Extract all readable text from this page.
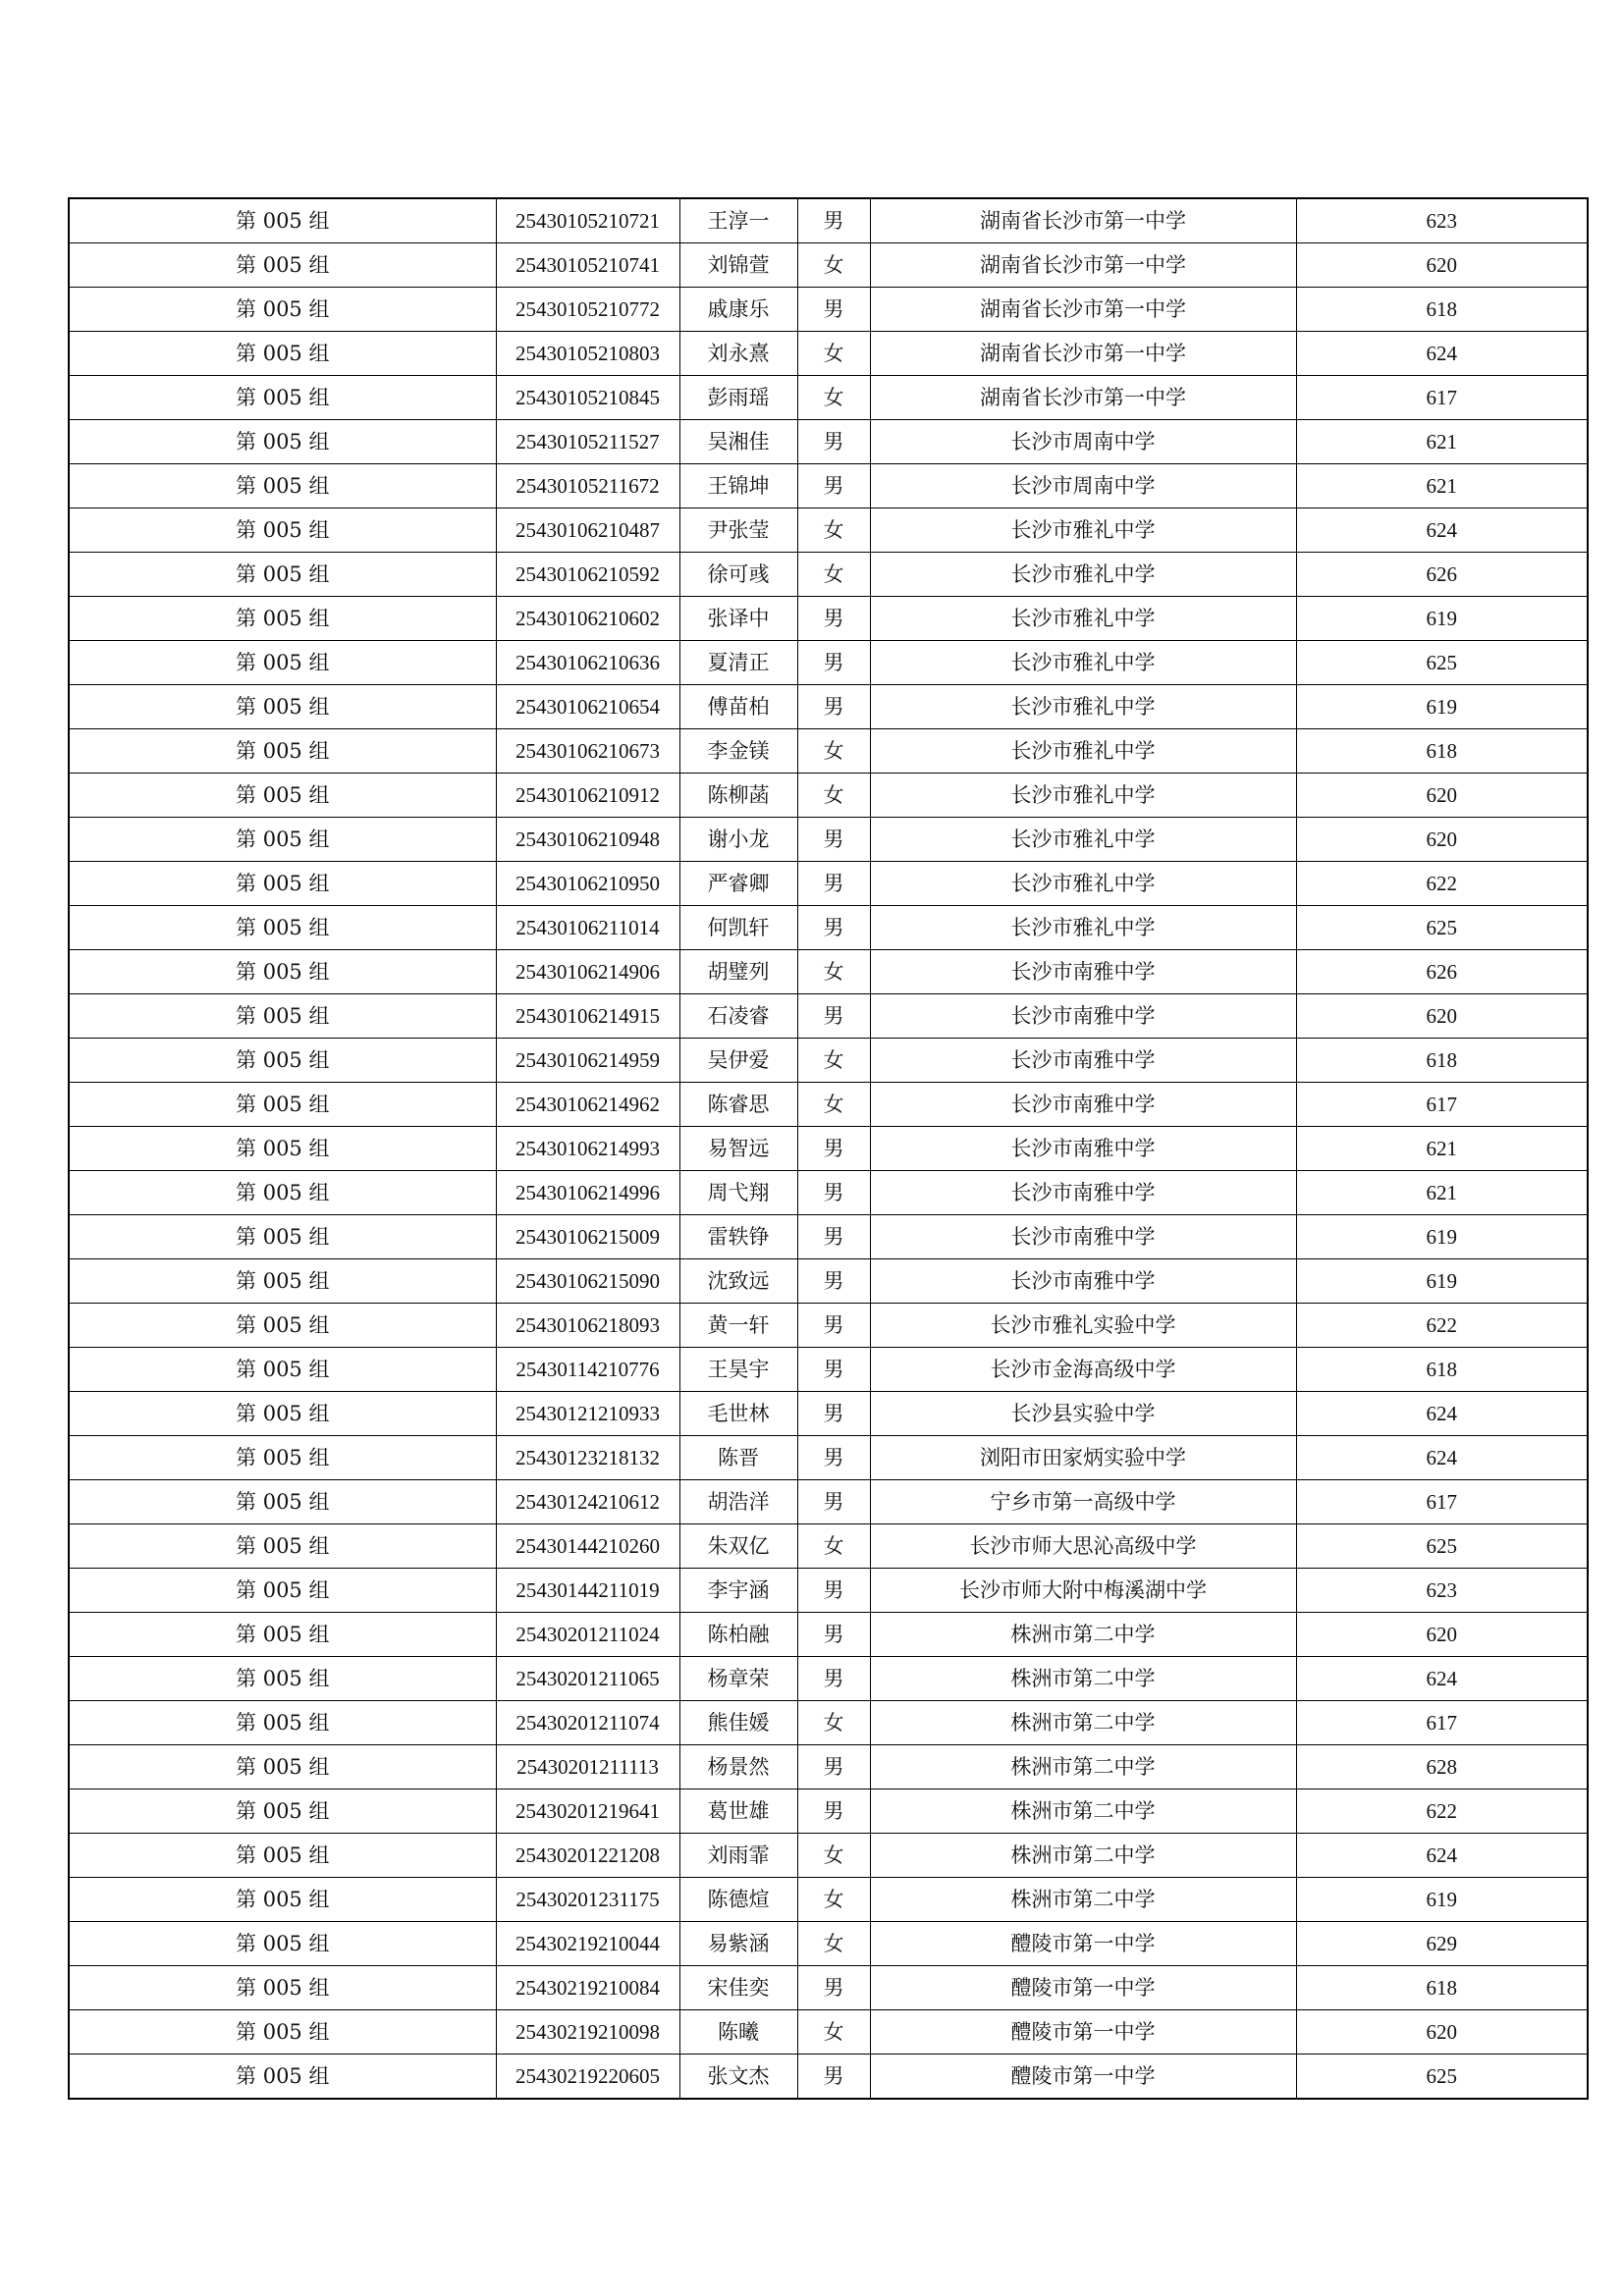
第 005 组	25430105210721	王淳一	男	湖南省长沙市第一中学	623
第 005 组	25430105210741	刘锦萱	女	湖南省长沙市第一中学	620
第 005 组	25430105210772	戚康乐	男	湖南省长沙市第一中学	618
第 005 组	25430105210803	刘永熹	女	湖南省长沙市第一中学	624
第 005 组	25430105210845	彭雨瑶	女	湖南省长沙市第一中学	617
第 005 组	25430105211527	吴湘佳	男	长沙市周南中学	621
第 005 组	25430105211672	王锦坤	男	长沙市周南中学	621
第 005 组	25430106210487	尹张莹	女	长沙市雅礼中学	624
第 005 组	25430106210592	徐可彧	女	长沙市雅礼中学	626
第 005 组	25430106210602	张译中	男	长沙市雅礼中学	619
第 005 组	25430106210636	夏清正	男	长沙市雅礼中学	625
第 005 组	25430106210654	傅苗柏	男	长沙市雅礼中学	619
第 005 组	25430106210673	李金镁	女	长沙市雅礼中学	618
第 005 组	25430106210912	陈柳菡	女	长沙市雅礼中学	620
第 005 组	25430106210948	谢小龙	男	长沙市雅礼中学	620
第 005 组	25430106210950	严睿卿	男	长沙市雅礼中学	622
第 005 组	25430106211014	何凯轩	男	长沙市雅礼中学	625
第 005 组	25430106214906	胡璧列	女	长沙市南雅中学	626
第 005 组	25430106214915	石凌睿	男	长沙市南雅中学	620
第 005 组	25430106214959	吴伊爱	女	长沙市南雅中学	618
第 005 组	25430106214962	陈睿思	女	长沙市南雅中学	617
第 005 组	25430106214993	易智远	男	长沙市南雅中学	621
第 005 组	25430106214996	周弋翔	男	长沙市南雅中学	621
第 005 组	25430106215009	雷轶铮	男	长沙市南雅中学	619
第 005 组	25430106215090	沈致远	男	长沙市南雅中学	619
第 005 组	25430106218093	黄一轩	男	长沙市雅礼实验中学	622
第 005 组	25430114210776	王昊宇	男	长沙市金海高级中学	618
第 005 组	25430121210933	毛世林	男	长沙县实验中学	624
第 005 组	25430123218132	陈晋	男	浏阳市田家炳实验中学	624
第 005 组	25430124210612	胡浩洋	男	宁乡市第一高级中学	617
第 005 组	25430144210260	朱双亿	女	长沙市师大思沁高级中学	625
第 005 组	25430144211019	李宇涵	男	长沙市师大附中梅溪湖中学	623
第 005 组	25430201211024	陈柏融	男	株洲市第二中学	620
第 005 组	25430201211065	杨章荣	男	株洲市第二中学	624
第 005 组	25430201211074	熊佳媛	女	株洲市第二中学	617
第 005 组	25430201211113	杨景然	男	株洲市第二中学	628
第 005 组	25430201219641	葛世雄	男	株洲市第二中学	622
第 005 组	25430201221208	刘雨霏	女	株洲市第二中学	624
第 005 组	25430201231175	陈德煊	女	株洲市第二中学	619
第 005 组	25430219210044	易紫涵	女	醴陵市第一中学	629
第 005 组	25430219210084	宋佳奕	男	醴陵市第一中学	618
第 005 组	25430219210098	陈曦	女	醴陵市第一中学	620
第 005 组	25430219220605	张文杰	男	醴陵市第一中学	625
